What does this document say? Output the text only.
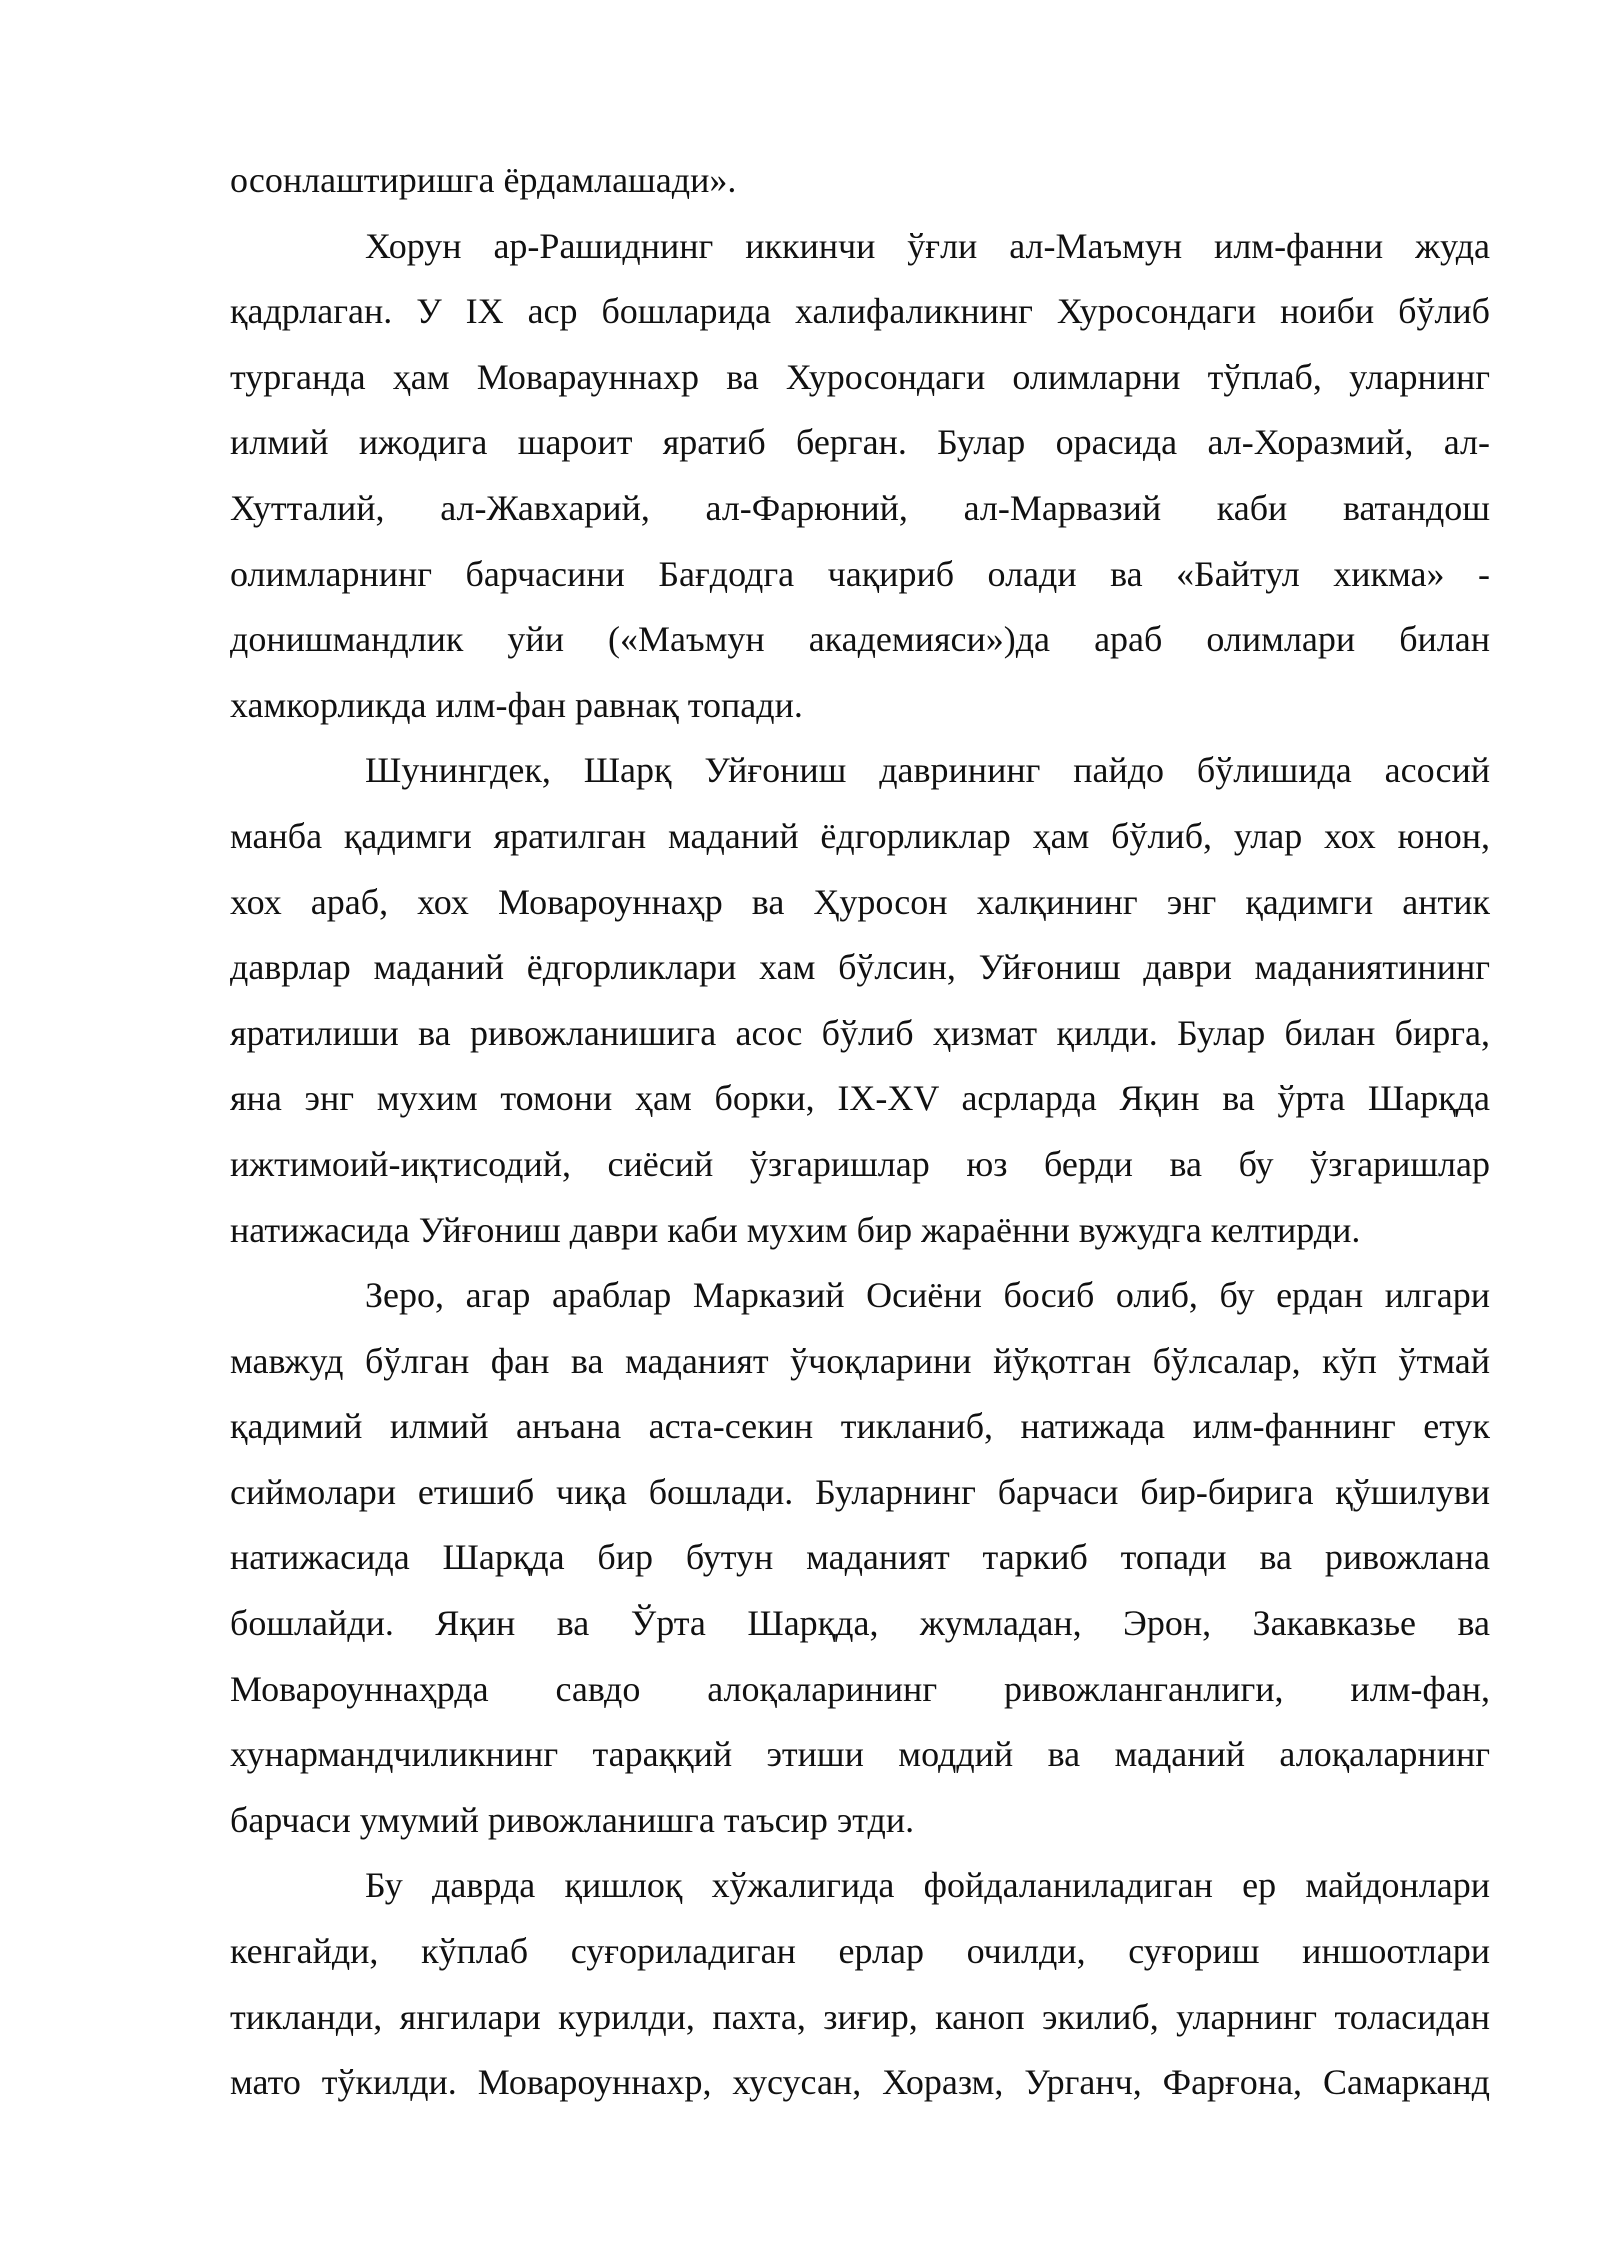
осонлаштиришга ёрдамлашади».
Хорун ар-Рашиднинг иккинчи ўғли ал-Маъмун илм-фанни жуда
қадрлаган. У IX аср бошларида халифаликнинг Хуросондаги ноиби бўлиб
турганда ҳам Моварауннахр ва Хуросондаги олимларни тўплаб, уларнинг
илмий ижодига шароит яратиб берган. Булар орасида ал-Хоразмий, ал-
Хутталий, ал-Жавхарий, ал-Фарюний, ал-Марвазий каби ватандош
олимларнинг барчасини Бағдодга чақириб олади ва «Байтул хикма» -
донишмандлик уйи («Маъмун академияси»)да араб олимлари билан
хамкорликда илм-фан равнақ топади.
Шунингдек, Шарқ Уйғониш даврининг пайдо бўлишида асосий
манба қадимги яратилган маданий ёдгорликлар ҳам бўлиб, улар хох юнон,
хох араб, хох Мовароуннаҳр ва Ҳуросон халқининг энг қадимги антик
даврлар маданий ёдгорликлари хам бўлсин, Уйғониш даври маданиятининг
яратилиши ва ривожланишига асос бўлиб ҳизмат қилди. Булар билан бирга,
яна энг мухим томони ҳам борки, IX-XV асрларда Яқин ва ўрта Шарқда
ижтимоий-иқтисодий, сиёсий ўзгаришлар юз берди ва бу ўзгаришлар
натижасида Уйғониш даври каби мухим бир жараённи вужудга келтирди.
Зеро, агар араблар Марказий Осиёни босиб олиб, бу ердан илгари
мавжуд бўлган фан ва маданият ўчоқларини йўқотган бўлсалар, кўп ўтмай
қадимий илмий анъана аста-секин тикланиб, натижада илм-фаннинг етук
сиймолари етишиб чиқа бошлади. Буларнинг барчаси бир-бирига қўшилуви
натижасида Шарқда бир бутун маданият таркиб топади ва ривожлана
бошлайди. Яқин ва Ўрта Шарқда, жумладан, Эрон, Закавказье ва
Мовароуннаҳрда савдо алоқаларининг ривожланганлиги, илм-фан,
хунармандчиликнинг тараққий этиши моддий ва маданий алоқаларнинг
барчаси умумий ривожланишга таъсир этди.
Бу даврда қишлоқ хўжалигида фойдаланиладиган ер майдонлари
кенгайди, кўплаб суғориладиган ерлар очилди, суғориш иншоотлари
тикланди, янгилари курилди, пахта, зиғир, каноп экилиб, уларнинг толасидан
мато тўкилди. Мовароуннахр, хусусан, Хоразм, Урганч, Фарғона, Самарканд
